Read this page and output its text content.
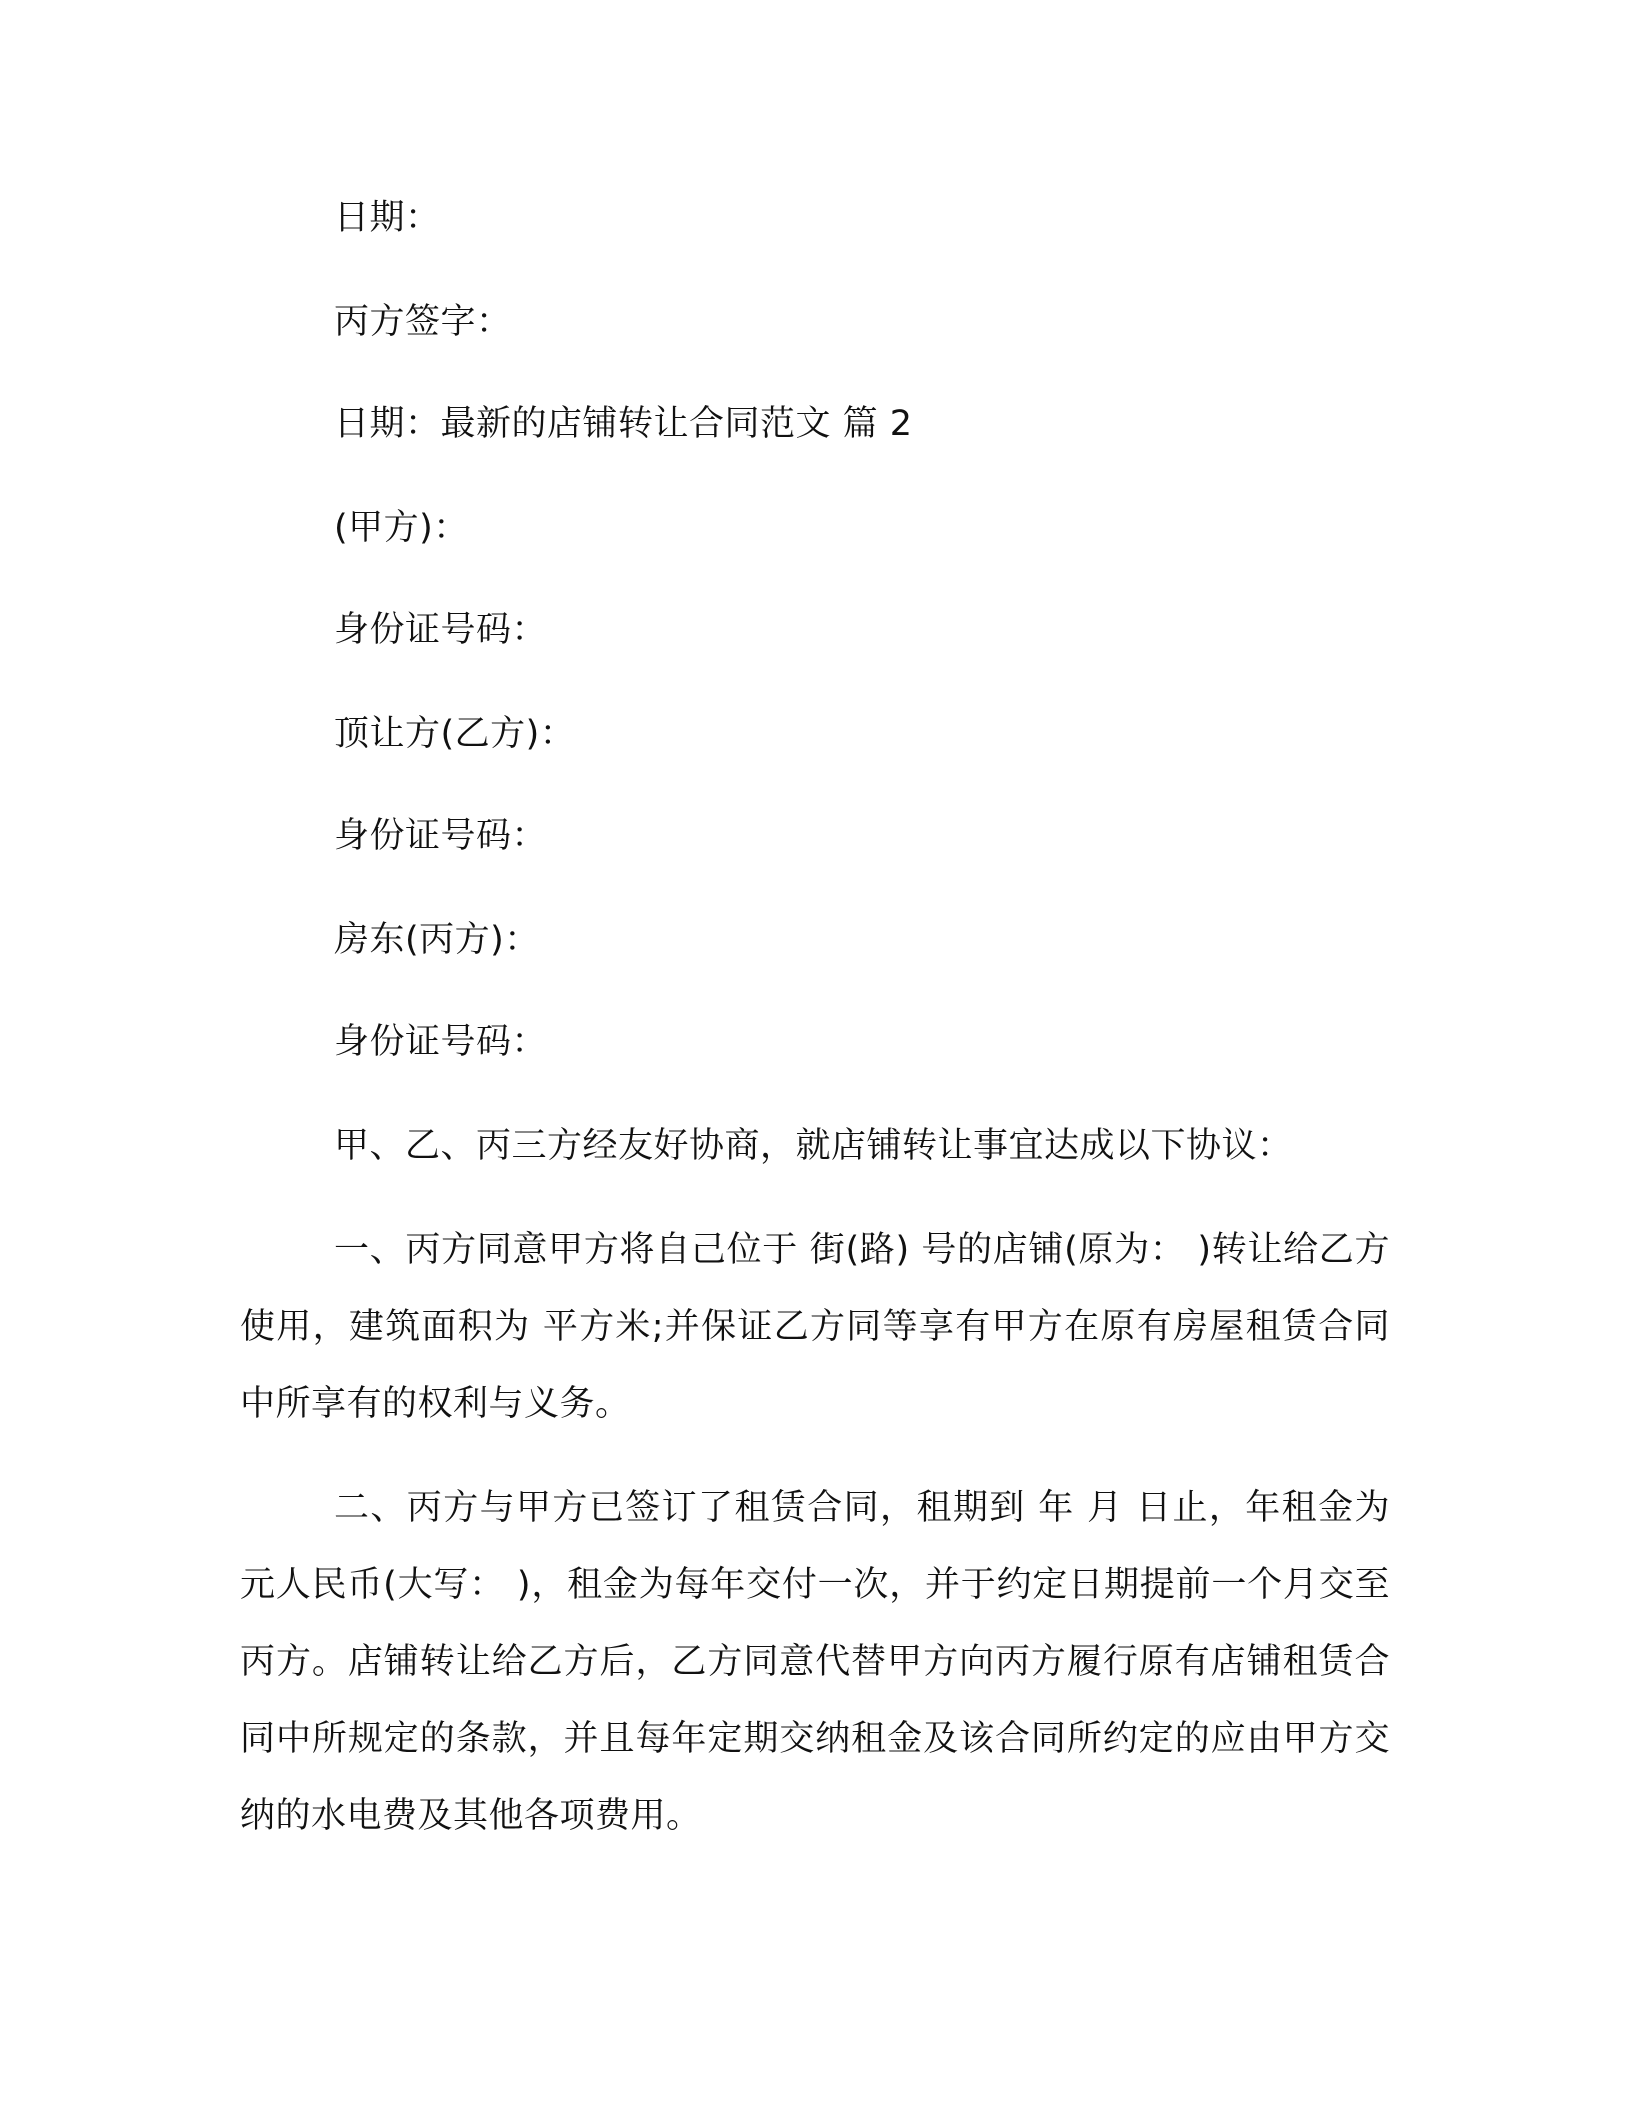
日期：
丙方签字：
日期：最新的店铺转让合同范文 篇 2
(甲方)：
身份证号码：
顶让方(乙方)：
身份证号码：
房东(丙方)：
身份证号码：
甲、乙、丙三方经友好协商，就店铺转让事宜达成以下协议：
一、丙方同意甲方将自己位于 街(路) 号的店铺(原为： )转让给乙方使用，建筑面积为 平方米;并保证乙方同等享有甲方在原有房屋租赁合同中所享有的权利与义务。
二、丙方与甲方已签订了租赁合同，租期到 年 月 日止，年租金为 元人民币(大写： )，租金为每年交付一次，并于约定日期提前一个月交至丙方。店铺转让给乙方后，乙方同意代替甲方向丙方履行原有店铺租赁合同中所规定的条款，并且每年定期交纳租金及该合同所约定的应由甲方交纳的水电费及其他各项费用。
